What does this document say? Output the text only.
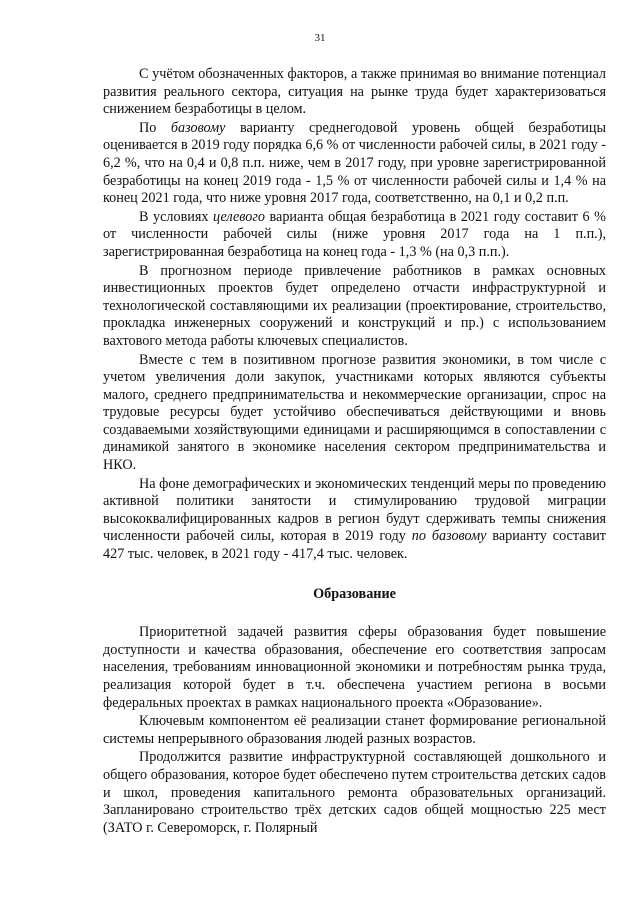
31

С учётом обозначенных факторов, а также принимая во внимание потенциал развития реального сектора, ситуация на рынке труда будет характеризоваться снижением безработицы в целом.

По базовому варианту среднегодовой уровень общей безработицы оценивается в 2019 году порядка 6,6 % от численности рабочей силы, в 2021 году - 6,2 %, что на 0,4 и 0,8 п.п. ниже, чем в 2017 году, при уровне зарегистрированной безработицы на конец 2019 года - 1,5 % от численности рабочей силы и 1,4 % на конец 2021 года, что ниже уровня 2017 года, соответственно, на 0,1 и 0,2 п.п.

В условиях целевого варианта общая безработица в 2021 году составит 6 % от численности рабочей силы (ниже уровня 2017 года на 1 п.п.), зарегистрированная безработица на конец года - 1,3 % (на 0,3 п.п.).

В прогнозном периоде привлечение работников в рамках основных инвестиционных проектов будет определено отчасти инфраструктурной и технологической составляющими их реализации (проектирование, строительство, прокладка инженерных сооружений и конструкций и пр.) с использованием вахтового метода работы ключевых специалистов.

Вместе с тем в позитивном прогнозе развития экономики, в том числе с учетом увеличения доли закупок, участниками которых являются субъекты малого, среднего предпринимательства и некоммерческие организации, спрос на трудовые ресурсы будет устойчиво обеспечиваться действующими и вновь создаваемыми хозяйствующими единицами и расширяющимся в сопоставлении с динамикой занятого в экономике населения сектором предпринимательства и НКО.

На фоне демографических и экономических тенденций меры по проведению активной политики занятости и стимулированию трудовой миграции высококвалифицированных кадров в регион будут сдерживать темпы снижения численности рабочей силы, которая в 2019 году по базовому варианту составит 427 тыс. человек, в 2021 году - 417,4 тыс. человек.

Образование

Приоритетной задачей развития сферы образования будет повышение доступности и качества образования, обеспечение его соответствия запросам населения, требованиям инновационной экономики и потребностям рынка труда, реализация которой будет в т.ч. обеспечена участием региона в восьми федеральных проектах в рамках национального проекта «Образование».

Ключевым компонентом её реализации станет формирование региональной системы непрерывного образования людей разных возрастов.

Продолжится развитие инфраструктурной составляющей дошкольного и общего образования, которое будет обеспечено путем строительства детских садов и школ, проведения капитального ремонта образовательных организаций. Запланировано строительство трёх детских садов общей мощностью 225 мест (ЗАТО г. Североморск, г. Полярный
